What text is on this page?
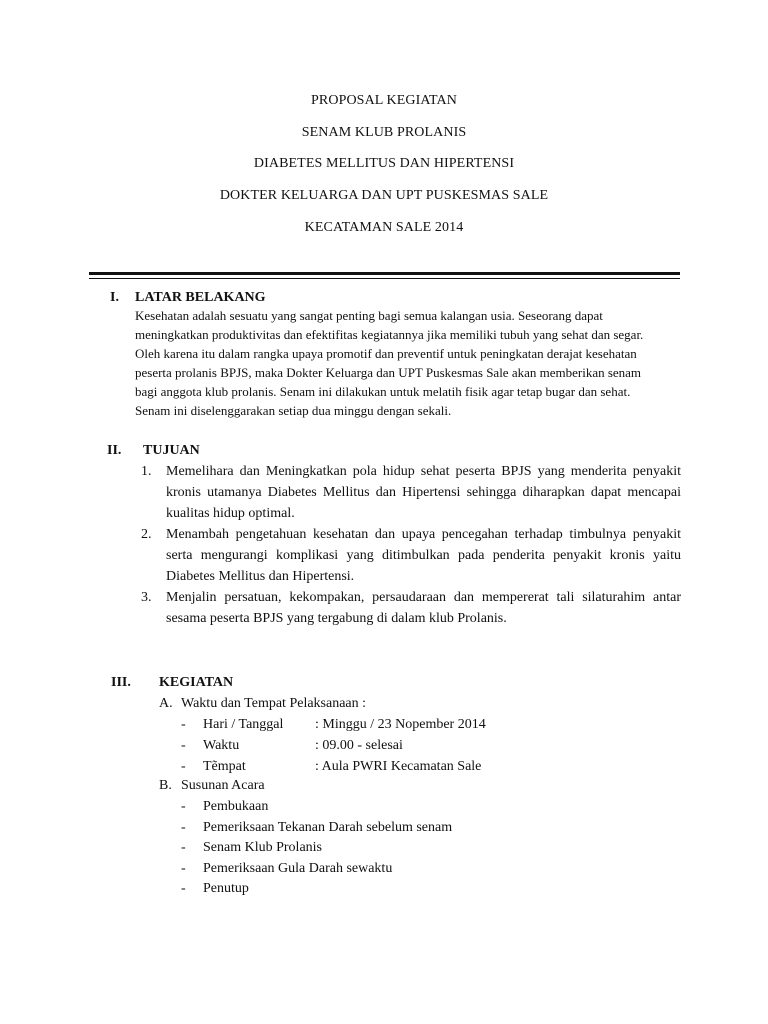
PROPOSAL KEGIATAN
SENAM KLUB PROLANIS
DIABETES MELLITUS DAN HIPERTENSI
DOKTER KELUARGA DAN UPT PUSKESMAS SALE
KECATAMAN SALE 2014
I. LATAR BELAKANG
Kesehatan adalah sesuatu yang sangat penting bagi semua kalangan usia. Seseorang dapat
meningkatkan produktivitas dan efektifitas kegiatannya jika memiliki tubuh yang sehat dan segar.
Oleh karena itu dalam rangka upaya promotif dan preventif untuk peningkatan derajat kesehatan
peserta prolanis BPJS, maka Dokter Keluarga dan UPT Puskesmas Sale akan memberikan senam
bagi anggota klub prolanis. Senam ini dilakukan untuk melatih fisik agar tetap bugar dan sehat.
Senam ini diselenggarakan setiap dua minggu dengan sekali.
II. TUJUAN
1. Memelihara dan Meningkatkan pola hidup sehat peserta BPJS yang menderita penyakit kronis utamanya Diabetes Mellitus dan Hipertensi sehingga diharapkan dapat mencapai kualitas hidup optimal.
2. Menambah pengetahuan kesehatan dan upaya pencegahan terhadap timbulnya penyakit serta mengurangi komplikasi yang ditimbulkan pada penderita penyakit kronis yaitu Diabetes Mellitus dan Hipertensi.
3. Menjalin persatuan, kekompakan, persaudaraan dan mempererat tali silaturahim antar sesama peserta BPJS yang tergabung di dalam klub Prolanis.
III. KEGIATAN
A. Waktu dan Tempat Pelaksanaan :
- Hari / Tanggal : Minggu / 23 Nopember 2014
- Waktu	: 09.00 - selesai
- Tẽmpat	: Aula PWRI Kecamatan Sale
B. Susunan Acara
- Pembukaan
- Pemeriksaan Tekanan Darah sebelum senam
- Senam Klub Prolanis
- Pemeriksaan Gula Darah sewaktu
- Penutup
